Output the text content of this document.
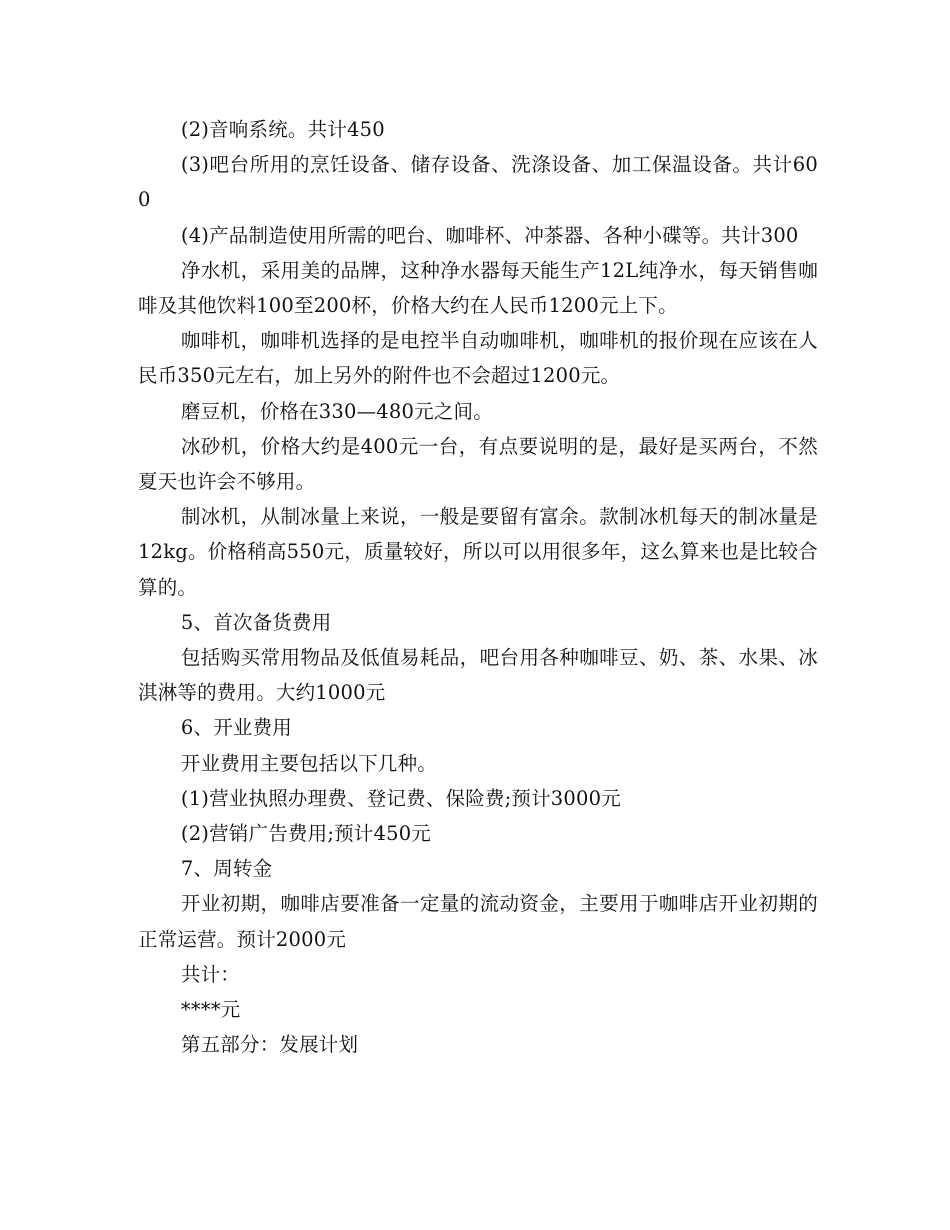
(2)音响系统。共计450

(3)吧台所用的烹饪设备、储存设备、洗涤设备、加工保温设备。共计600

(4)产品制造使用所需的吧台、咖啡杯、冲茶器、各种小碟等。共计300

净水机，采用美的品牌，这种净水器每天能生产12L纯净水，每天销售咖啡及其他饮料100至200杯，价格大约在人民币1200元上下。

咖啡机，咖啡机选择的是电控半自动咖啡机，咖啡机的报价现在应该在人民币350元左右，加上另外的附件也不会超过1200元。

磨豆机，价格在330—480元之间。

冰砂机，价格大约是400元一台，有点要说明的是，最好是买两台，不然夏天也许会不够用。

制冰机，从制冰量上来说，一般是要留有富余。款制冰机每天的制冰量是12kg。价格稍高550元，质量较好，所以可以用很多年，这么算来也是比较合算的。

5、首次备货费用

包括购买常用物品及低值易耗品，吧台用各种咖啡豆、奶、茶、水果、冰淇淋等的费用。大约1000元

6、开业费用

开业费用主要包括以下几种。

(1)营业执照办理费、登记费、保险费;预计3000元

(2)营销广告费用;预计450元

7、周转金

开业初期，咖啡店要准备一定量的流动资金，主要用于咖啡店开业初期的正常运营。预计2000元

共计：

****元

第五部分：发展计划
